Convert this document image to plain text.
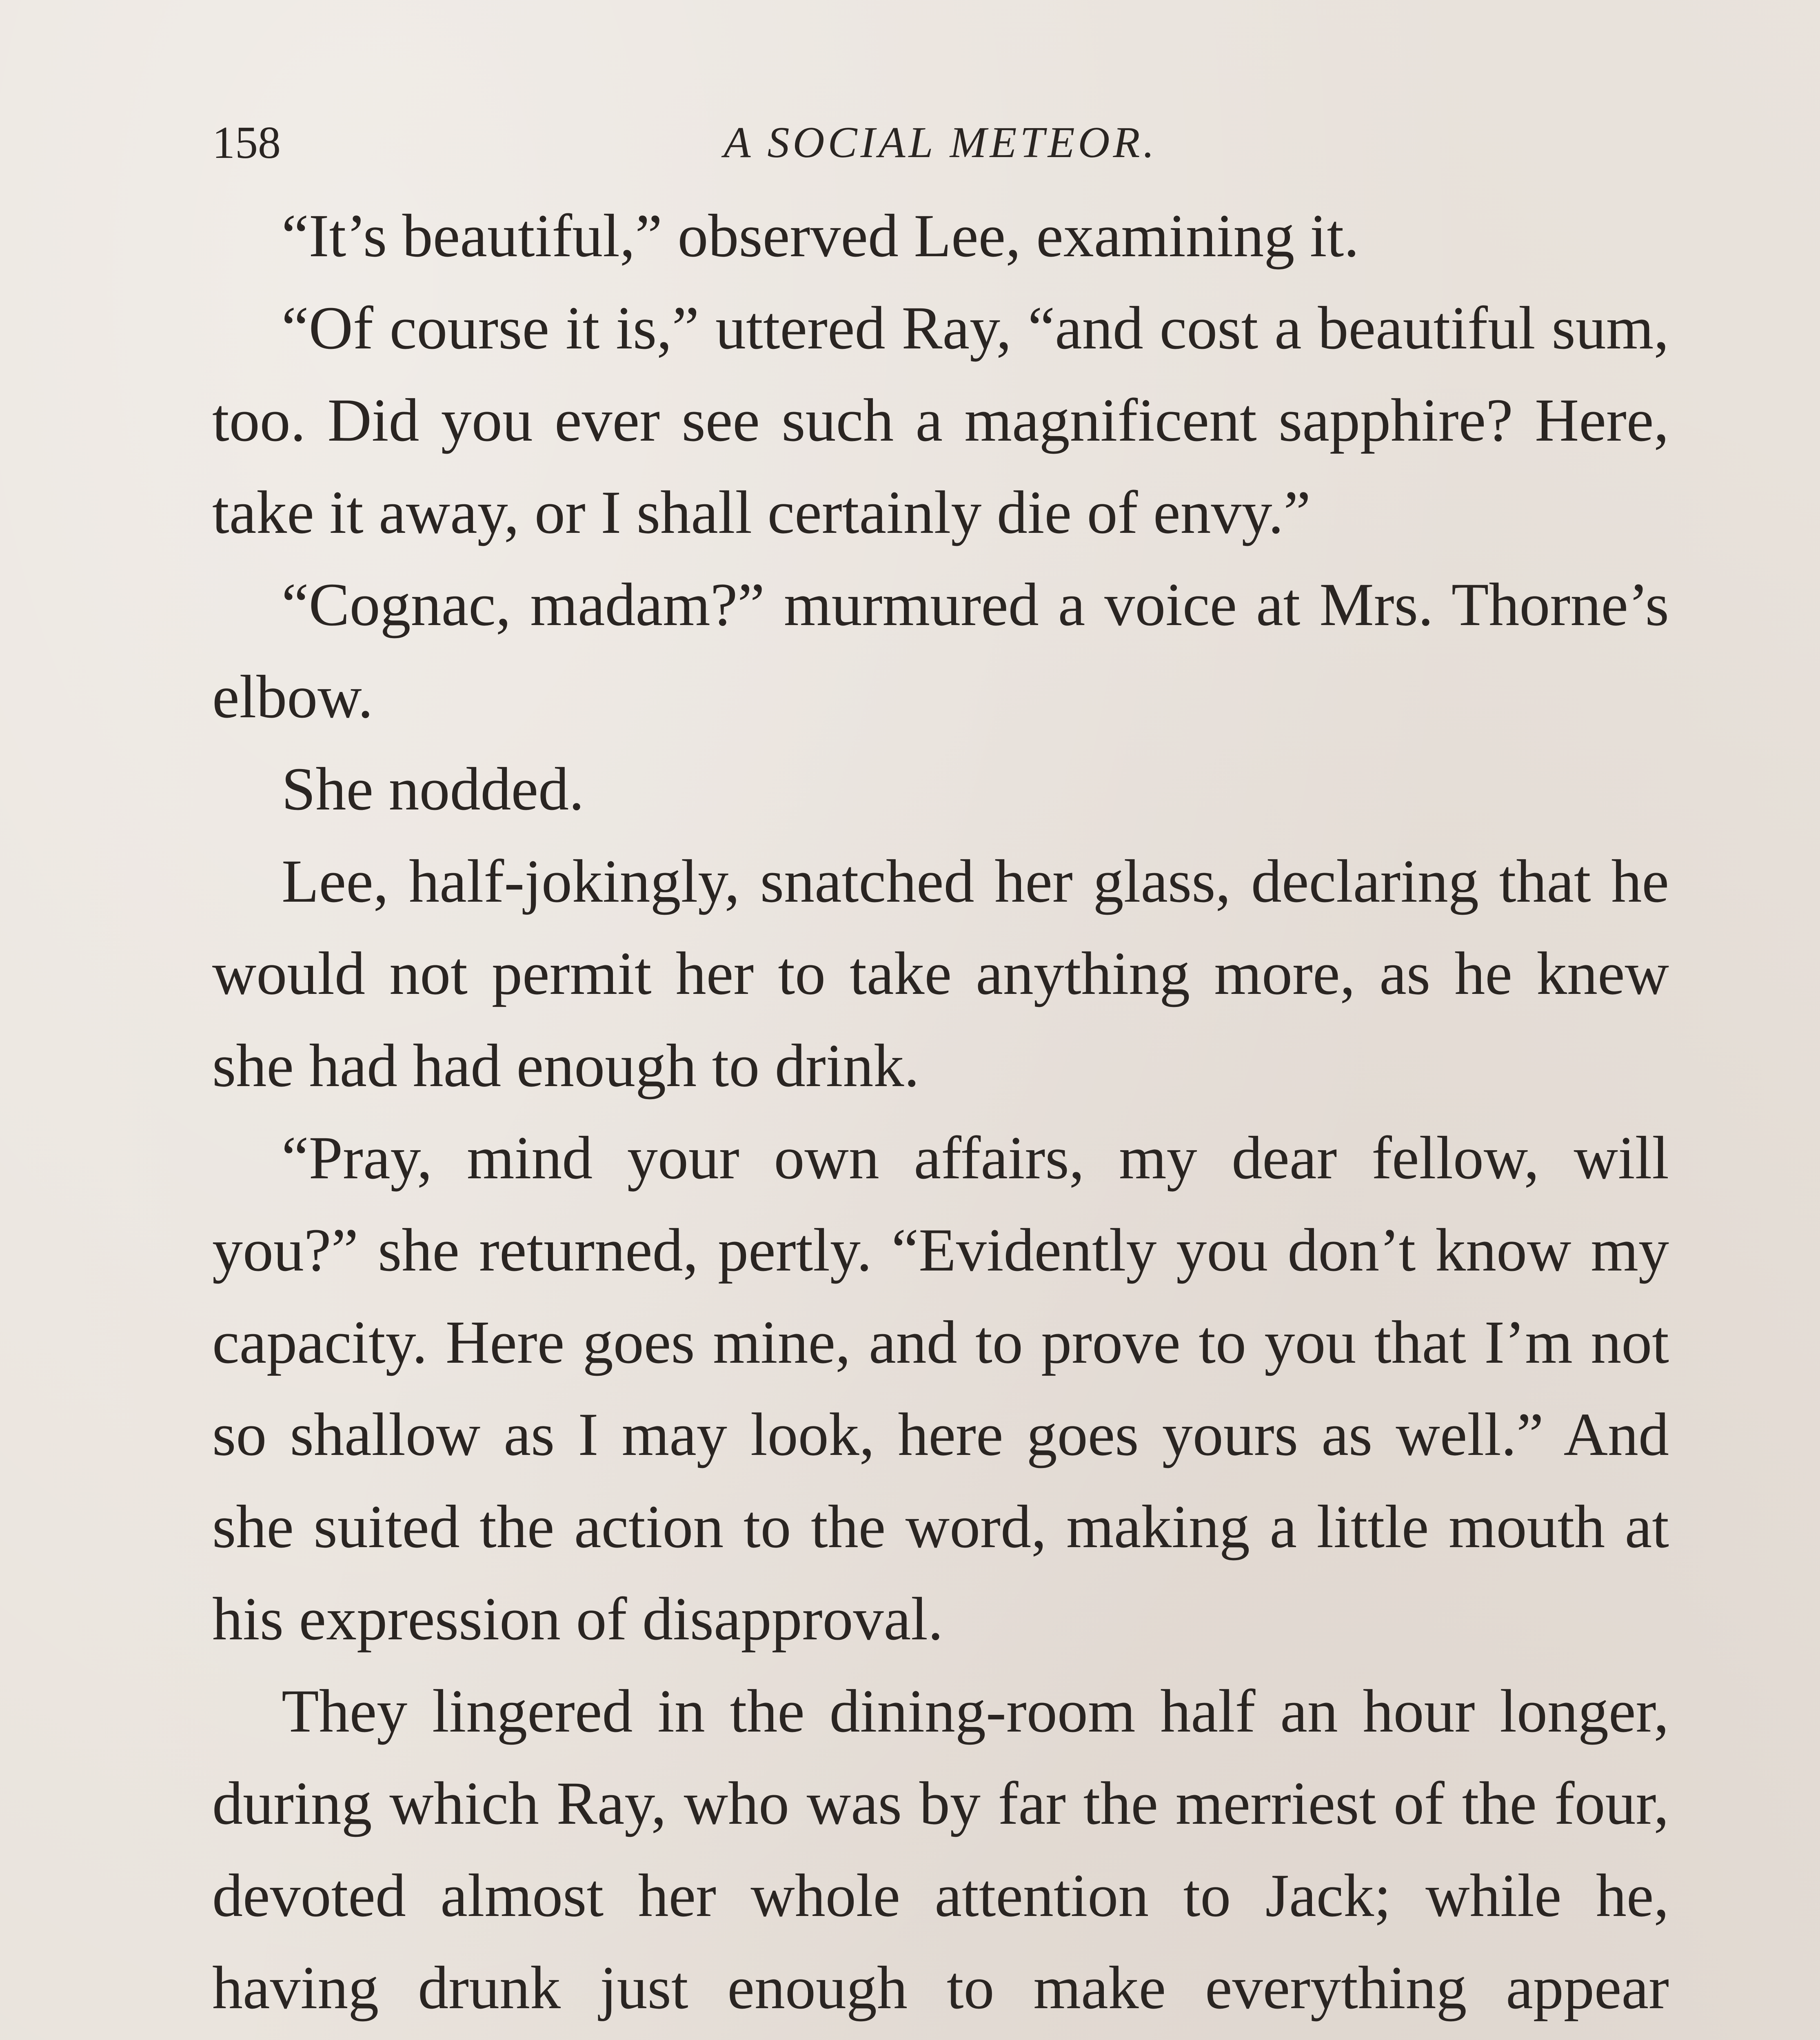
158	A SOCIAL METEOR.

“It’s beautiful,” observed Lee, examining it.

“Of course it is,” uttered Ray, “and cost a beautiful sum, too. Did you ever see such a magnificent sapphire? Here, take it away, or I shall certainly die of envy.”

“Cognac, madam?” murmured a voice at Mrs. Thorne’s elbow.

She nodded.

Lee, half-jokingly, snatched her glass, declaring that he would not permit her to take anything more, as he knew she had had enough to drink.

“Pray, mind your own affairs, my dear fellow, will you?” she returned, pertly. “Evidently you don’t know my capacity. Here goes mine, and to prove to you that I’m not so shallow as I may look, here goes yours as well.” And she suited the action to the word, making a little mouth at his expression of disapproval.

They lingered in the dining-room half an hour longer, during which Ray, who was by far the merriest of the four, devoted almost her whole attention to Jack; while he, having drunk just enough to make everything appear
